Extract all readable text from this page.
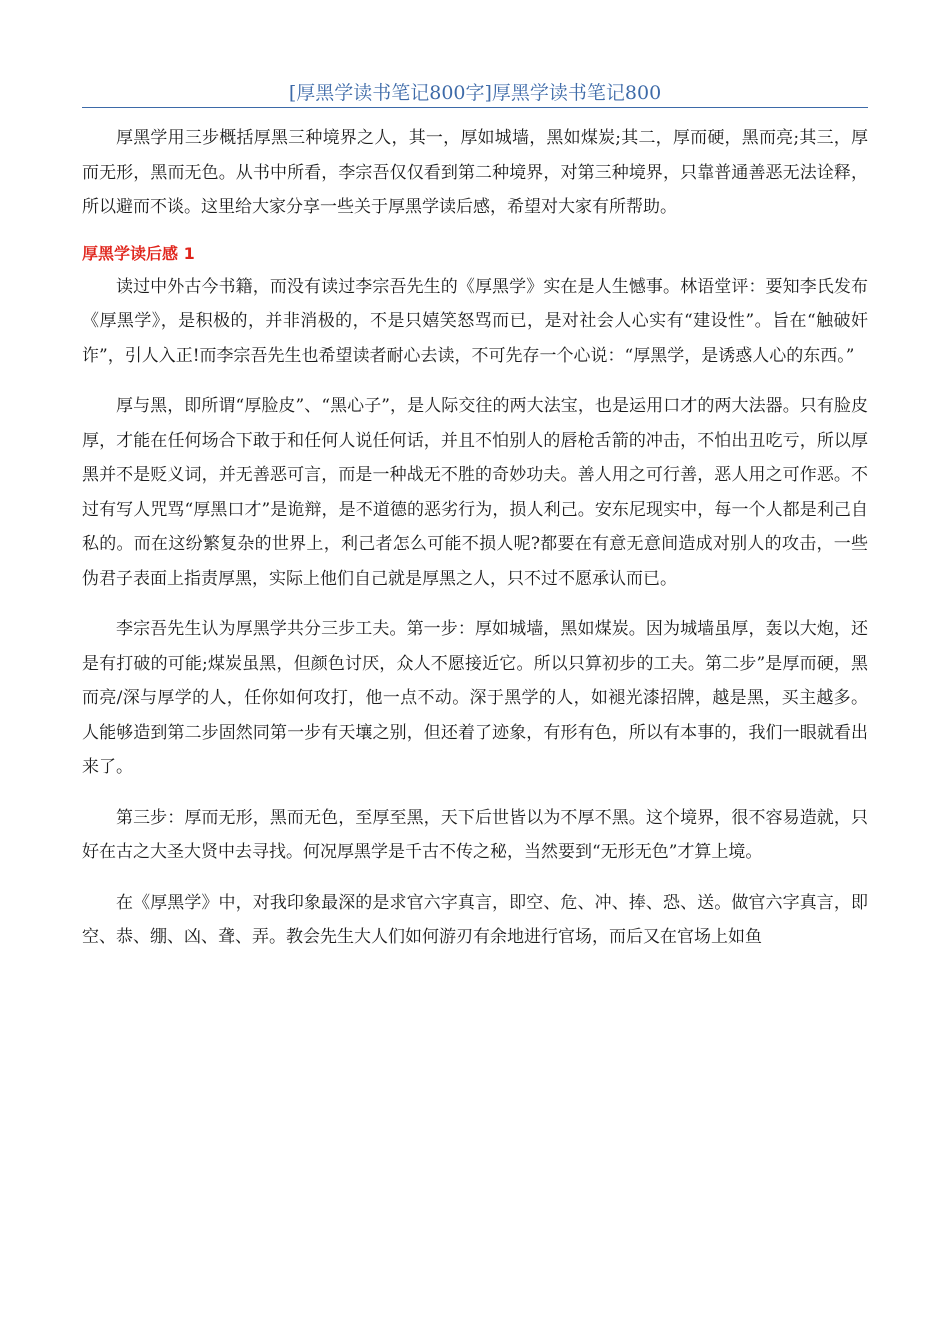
[厚黑学读书笔记800字]厚黑学读书笔记800

厚黑学用三步概括厚黑三种境界之人，其一，厚如城墙，黑如煤炭;其二，厚而硬，黑而亮;其三，厚而无形，黑而无色。从书中所看，李宗吾仅仅看到第二种境界，对第三种境界，只靠普通善恶无法诠释，所以避而不谈。这里给大家分享一些关于厚黑学读后感，希望对大家有所帮助。

厚黑学读后感 1

读过中外古今书籍，而没有读过李宗吾先生的《厚黑学》实在是人生憾事。林语堂评：要知李氏发布《厚黑学》，是积极的，并非消极的，不是只嬉笑怒骂而已，是对社会人心实有“建设性”。旨在“触破奸诈”，引人入正!而李宗吾先生也希望读者耐心去读，不可先存一个心说：“厚黑学，是诱惑人心的东西。”

厚与黑，即所谓“厚脸皮”、“黑心子”，是人际交往的两大法宝，也是运用口才的两大法器。只有脸皮厚，才能在任何场合下敢于和任何人说任何话，并且不怕别人的唇枪舌箭的冲击，不怕出丑吃亏，所以厚黑并不是贬义词，并无善恶可言，而是一种战无不胜的奇妙功夫。善人用之可行善，恶人用之可作恶。不过有写人咒骂“厚黑口才”是诡辩，是不道德的恶劣行为，损人利己。安东尼现实中，每一个人都是利己自私的。而在这纷繁复杂的世界上，利己者怎么可能不损人呢?都要在有意无意间造成对别人的攻击，一些伪君子表面上指责厚黑，实际上他们自己就是厚黑之人，只不过不愿承认而已。

李宗吾先生认为厚黑学共分三步工夫。第一步：厚如城墙，黑如煤炭。因为城墙虽厚，轰以大炮，还是有打破的可能;煤炭虽黑，但颜色讨厌，众人不愿接近它。所以只算初步的工夫。第二步”是厚而硬，黑而亮/深与厚学的人，任你如何攻打，他一点不动。深于黑学的人，如褪光漆招牌，越是黑，买主越多。人能够造到第二步固然同第一步有天壤之别，但还着了迹象，有形有色，所以有本事的，我们一眼就看出来了。

第三步：厚而无形，黑而无色，至厚至黑，天下后世皆以为不厚不黑。这个境界，很不容易造就，只好在古之大圣大贤中去寻找。何况厚黑学是千古不传之秘，当然要到“无形无色”才算上境。

在《厚黑学》中，对我印象最深的是求官六字真言，即空、危、冲、捧、恐、送。做官六字真言，即空、恭、绷、凶、聋、弄。教会先生大人们如何游刃有余地进行官场，而后又在官场上如鱼
